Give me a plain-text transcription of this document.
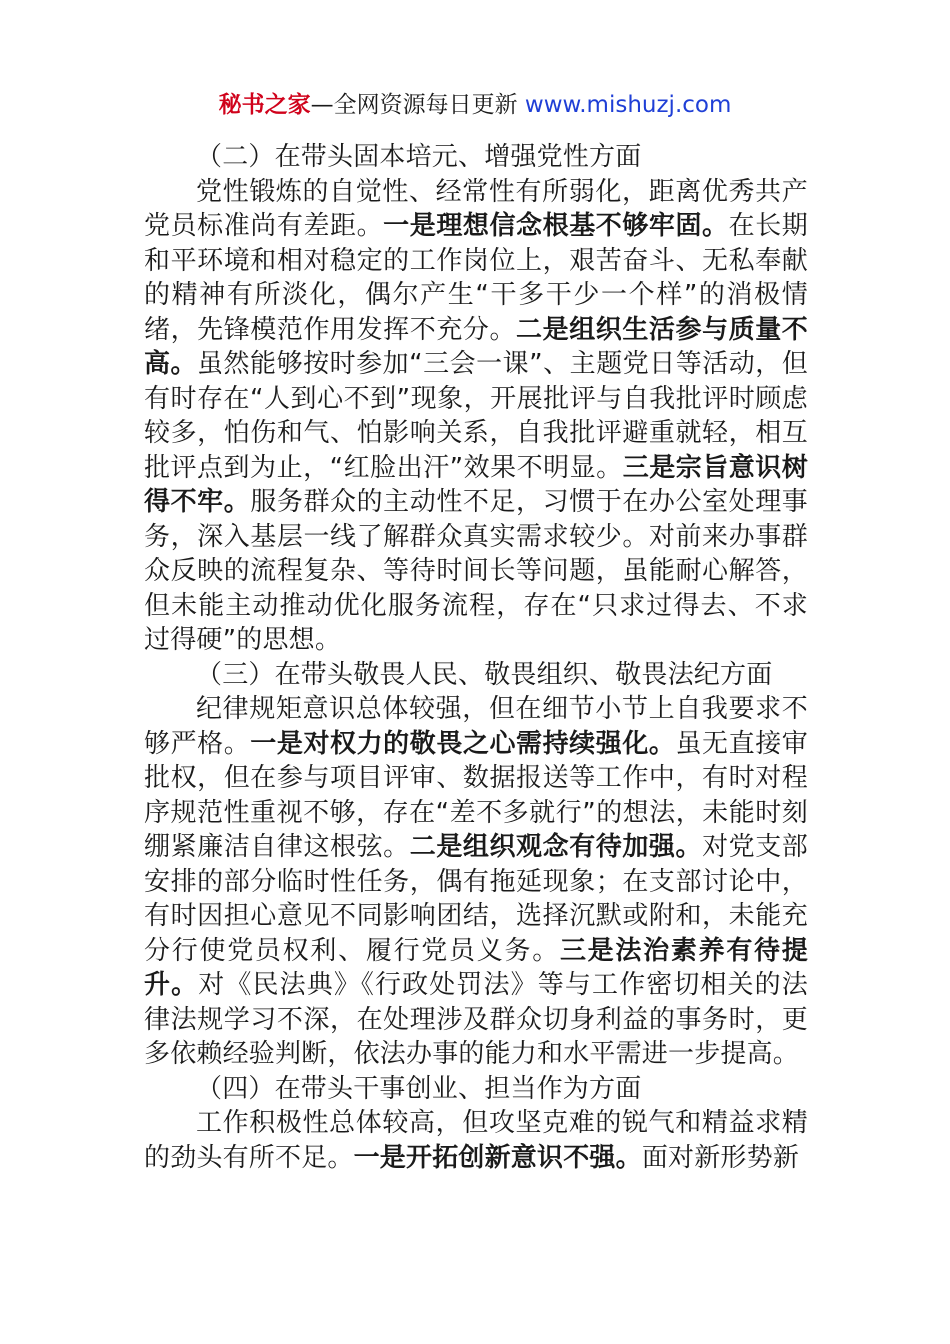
秘书之家—全网资源每日更新 www.mishuzj.com

（二）在带头固本培元、增强党性方面

党性锻炼的自觉性、经常性有所弱化，距离优秀共产党员标准尚有差距。一是理想信念根基不够牢固。在长期和平环境和相对稳定的工作岗位上，艰苦奋斗、无私奉献的精神有所淡化，偶尔产生“干多干少一个样”的消极情绪，先锋模范作用发挥不充分。二是组织生活参与质量不高。虽然能够按时参加“三会一课”、主题党日等活动，但有时存在“人到心不到”现象，开展批评与自我批评时顾虑较多，怕伤和气、怕影响关系，自我批评避重就轻，相互批评点到为止，“红脸出汗”效果不明显。三是宗旨意识树得不牢。服务群众的主动性不足，习惯于在办公室处理事务，深入基层一线了解群众真实需求较少。对前来办事群众反映的流程复杂、等待时间长等问题，虽能耐心解答，但未能主动推动优化服务流程，存在“只求过得去、不求过得硬”的思想。

（三）在带头敬畏人民、敬畏组织、敬畏法纪方面

纪律规矩意识总体较强，但在细节小节上自我要求不够严格。一是对权力的敬畏之心需持续强化。虽无直接审批权，但在参与项目评审、数据报送等工作中，有时对程序规范性重视不够，存在“差不多就行”的想法，未能时刻绷紧廉洁自律这根弦。二是组织观念有待加强。对党支部安排的部分临时性任务，偶有拖延现象；在支部讨论中，有时因担心意见不同影响团结，选择沉默或附和，未能充分行使党员权利、履行党员义务。三是法治素养有待提升。对《民法典》《行政处罚法》等与工作密切相关的法律法规学习不深，在处理涉及群众切身利益的事务时，更多依赖经验判断，依法办事的能力和水平需进一步提高。

（四）在带头干事创业、担当作为方面

工作积极性总体较高，但攻坚克难的锐气和精益求精的劲头有所不足。一是开拓创新意识不强。面对新形势新
